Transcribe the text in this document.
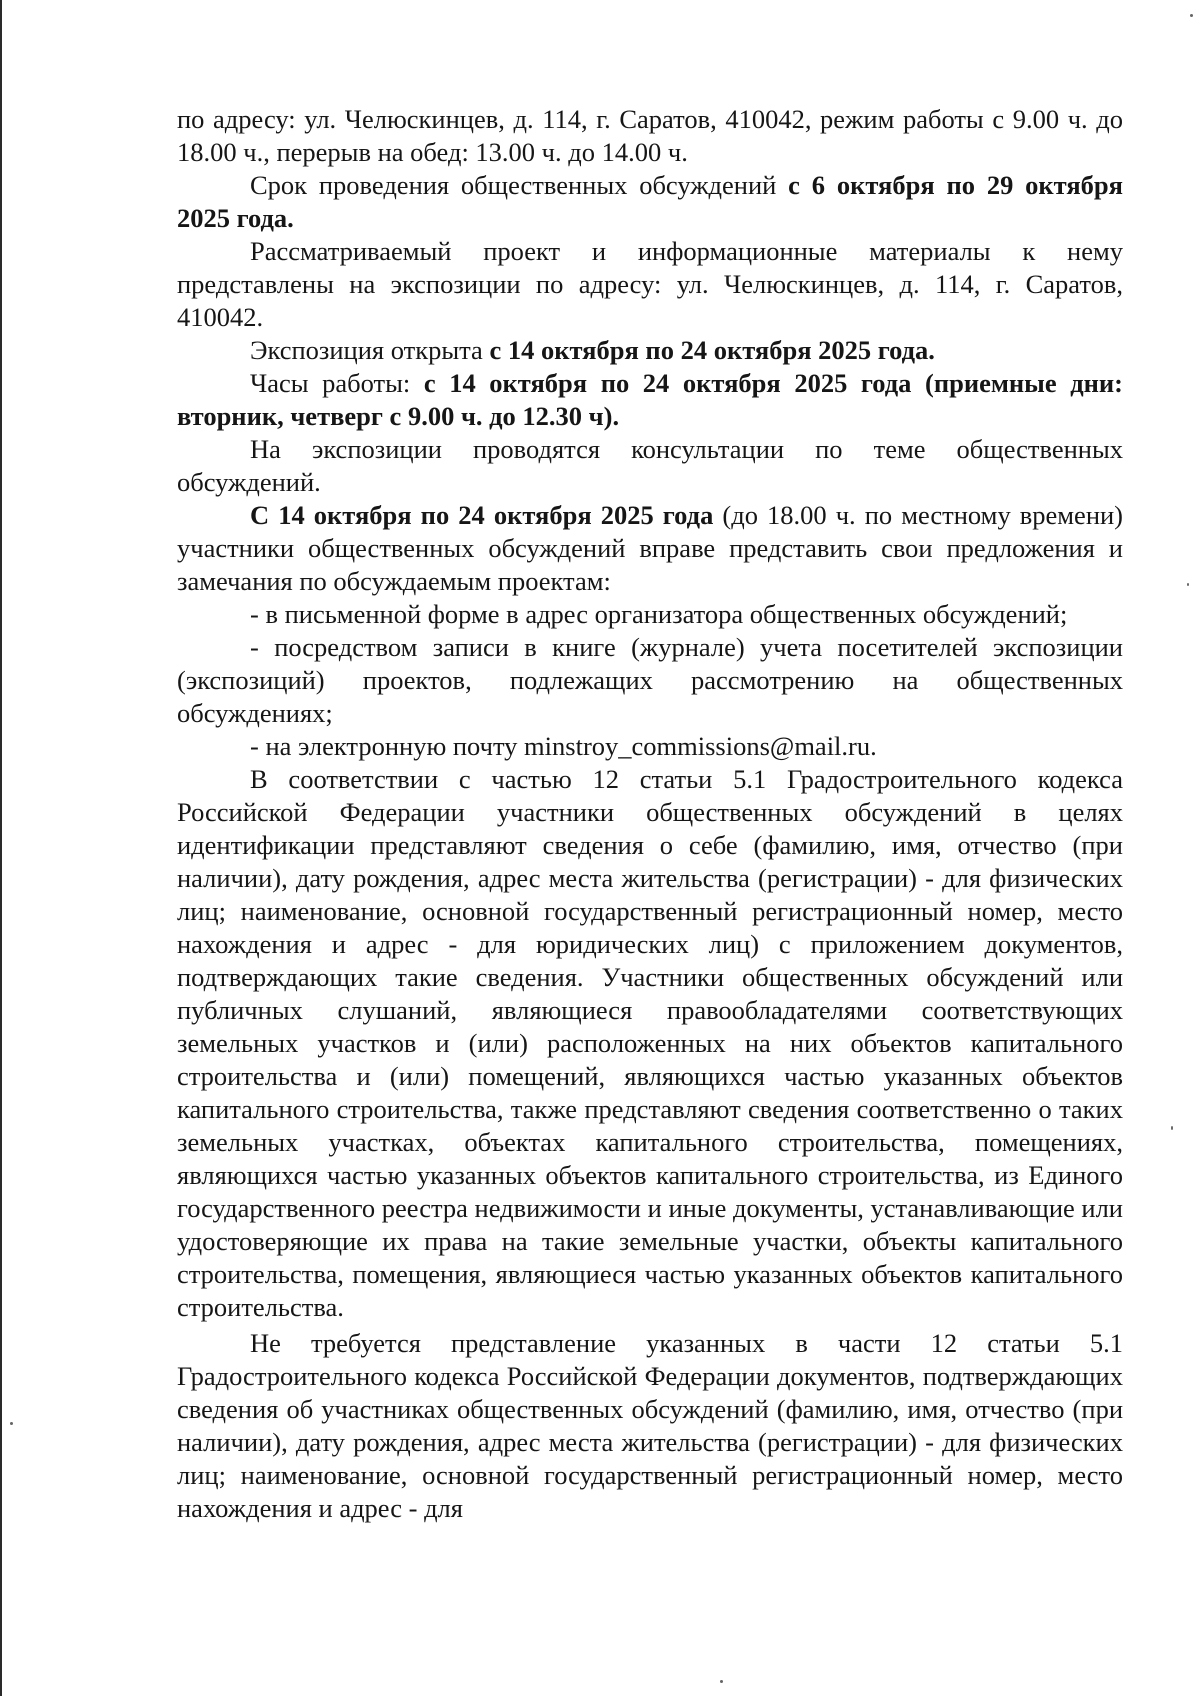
по адресу: ул. Челюскинцев, д. 114, г. Саратов, 410042, режим работы с 9.00 ч. до 18.00 ч., перерыв на обед: 13.00 ч. до 14.00 ч.

Срок проведения общественных обсуждений с 6 октября по 29 октября 2025 года.

Рассматриваемый проект и информационные материалы к нему представлены на экспозиции по адресу: ул. Челюскинцев, д. 114, г. Саратов, 410042.

Экспозиция открыта с 14 октября по 24 октября 2025 года.

Часы работы: с 14 октября по 24 октября 2025 года (приемные дни: вторник, четверг с 9.00 ч. до 12.30 ч).

На экспозиции проводятся консультации по теме общественных обсуждений.

С 14 октября по 24 октября 2025 года (до 18.00 ч. по местному времени) участники общественных обсуждений вправе представить свои предложения и замечания по обсуждаемым проектам:

- в письменной форме в адрес организатора общественных обсуждений;

- посредством записи в книге (журнале) учета посетителей экспозиции (экспозиций) проектов, подлежащих рассмотрению на общественных обсуждениях;

- на электронную почту minstroy_commissions@mail.ru.

В соответствии с частью 12 статьи 5.1 Градостроительного кодекса Российской Федерации участники общественных обсуждений в целях идентификации представляют сведения о себе (фамилию, имя, отчество (при наличии), дату рождения, адрес места жительства (регистрации) - для физических лиц; наименование, основной государственный регистрационный номер, место нахождения и адрес - для юридических лиц) с приложением документов, подтверждающих такие сведения. Участники общественных обсуждений или публичных слушаний, являющиеся правообладателями соответствующих земельных участков и (или) расположенных на них объектов капитального строительства и (или) помещений, являющихся частью указанных объектов капитального строительства, также представляют сведения соответственно о таких земельных участках, объектах капитального строительства, помещениях, являющихся частью указанных объектов капитального строительства, из Единого государственного реестра недвижимости и иные документы, устанавливающие или удостоверяющие их права на такие земельные участки, объекты капитального строительства, помещения, являющиеся частью указанных объектов капитального строительства.

Не требуется представление указанных в части 12 статьи 5.1 Градостроительного кодекса Российской Федерации документов, подтверждающих сведения об участниках общественных обсуждений (фамилию, имя, отчество (при наличии), дату рождения, адрес места жительства (регистрации) - для физических лиц; наименование, основной государственный регистрационный номер, место нахождения и адрес - для
